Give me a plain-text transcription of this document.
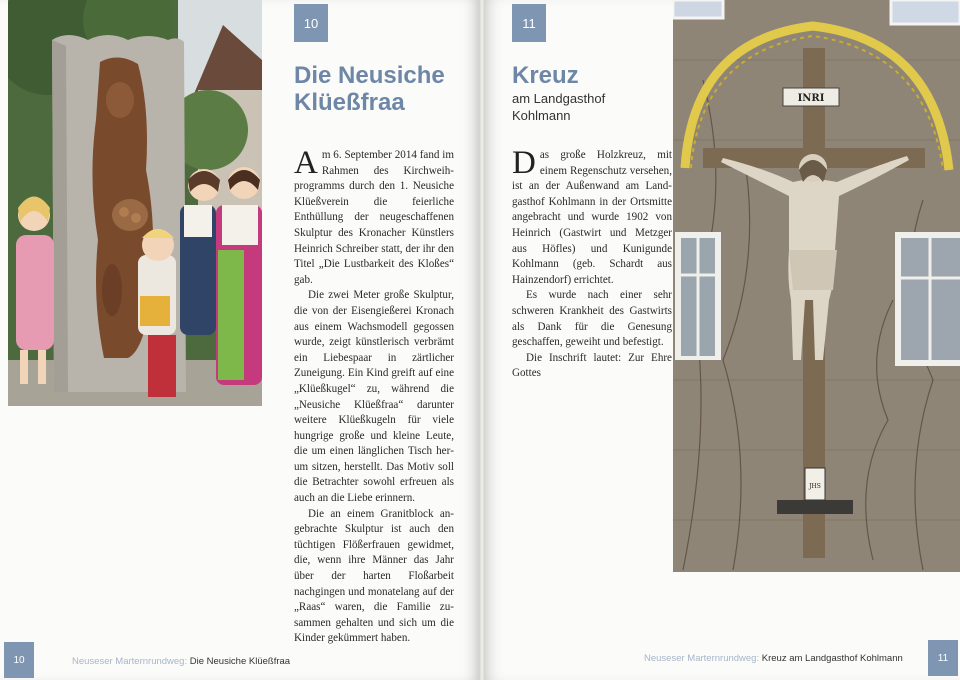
10
Die Neusiche
Klüeßfraa

Am 6. September 2014 fand im Rahmen des Kirchweihprogramms durch den 1. Neusiche Klüeßverein die feierliche Enthüllung der neugeschaffenen Skulptur des Kronacher Künstlers Heinrich Schreiber statt, der ihr den Titel „Die Lustbarkeit des Kloßes“ gab.

Die zwei Meter große Skulptur, die von der Eisengießerei Kronach aus einem Wachsmodell gegossen wurde, zeigt künstlerisch verbrämt ein Liebespaar in zärtlicher Zuneigung. Ein Kind greift auf eine „Klüeßkugel“ zu, während die „Neusiche Klüeßfraa“ darunter weitere Klüeßkugeln für viele hungrige große und kleine Leute, die um einen länglichen Tisch herum sitzen, herstellt. Das Motiv soll die Betrachter sowohl erfreuen als auch an die Liebe erinnern.

Die an einem Granitblock angebrachte Skulptur ist auch den tüchtigen Flößerfrauen gewidmet, die, wenn ihre Männer das Jahr über der harten Floßarbeit nachgingen und monatelang auf der „Raas“ waren, die Familie zusammen gehalten und sich um die Kinder gekümmert haben.

10	Neuseser Marternrundweg: Die Neusiche Klüeßfraa
11
Kreuz
am Landgasthof
Kohlmann

Das große Holzkreuz, mit einem Regenschutz versehen, ist an der Außenwand am Landgasthof Kohlmann in der Ortsmitte angebracht und wurde 1902 von Heinrich (Gastwirt und Metzger aus Höfles) und Kunigunde Kohlmann (geb. Schardt aus Hainzendorf) errichtet.

Es wurde nach einer sehr schweren Krankheit des Gastwirts als Dank für die Genesung geschaffen, geweiht und befestigt.

Die Inschrift lautet: Zur Ehre Gottes

Neuseser Marternrundweg: Kreuz am Landgasthof Kohlmann	11
INRI
JHS
